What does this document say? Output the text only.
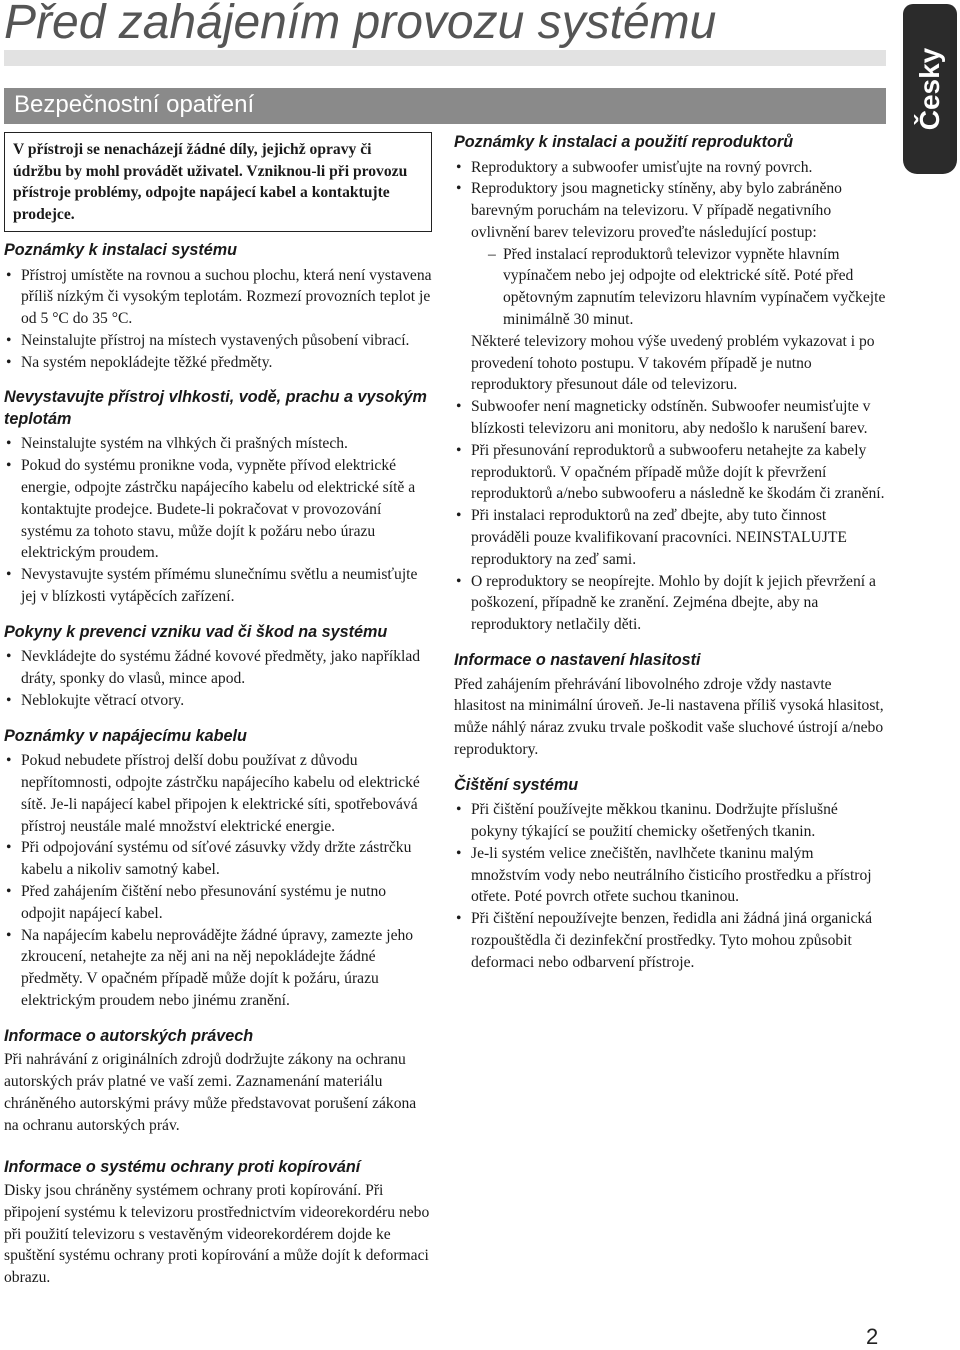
Před zahájením provozu systému
Česky
Bezpečnostní opatření
V přístroji se nenacházejí žádné díly, jejichž opravy či údržbu by mohl provádět uživatel. Vzniknou-li při provozu přístroje problémy, odpojte napájecí kabel a kontaktujte prodejce.
Poznámky k instalaci systému
• Přístroj umístěte na rovnou a suchou plochu, která není vystavena příliš nízkým či vysokým teplotám. Rozmezí provozních teplot je od 5 °C do 35 °C.
• Neinstalujte přístroj na místech vystavených působení vibrací.
• Na systém nepokládejte těžké předměty.
Nevystavujte přístroj vlhkosti, vodě, prachu a vysokým teplotám
• Neinstalujte systém na vlhkých či prašných místech.
• Pokud do systému pronikne voda, vypněte přívod elektrické energie, odpojte zástrčku napájecího kabelu od elektrické sítě a kontaktujte prodejce. Budete-li pokračovat v provozování systému za tohoto stavu, může dojít k požáru nebo úrazu elektrickým proudem.
• Nevystavujte systém přímému slunečnímu světlu a neumisťujte jej v blízkosti vytápěcích zařízení.
Pokyny k prevenci vzniku vad či škod na systému
• Nevkládejte do systému žádné kovové předměty, jako například dráty, sponky do vlasů, mince apod.
• Neblokujte větrací otvory.
Poznámky v napájecímu kabelu
• Pokud nebudete přístroj delší dobu používat z důvodu nepřítomnosti, odpojte zástrčku napájecího kabelu od elektrické sítě. Je-li napájecí kabel připojen k elektrické síti, spotřebovává přístroj neustále malé množství elektrické energie.
• Při odpojování systému od síťové zásuvky vždy držte zástrčku kabelu a nikoliv samotný kabel.
• Před zahájením čištění nebo přesunování systému je nutno odpojit napájecí kabel.
• Na napájecím kabelu neprovádějte žádné úpravy, zamezte jeho zkroucení, netahejte za něj ani na něj nepokládejte žádné předměty. V opačném případě může dojít k požáru, úrazu elektrickým proudem nebo jinému zranění.
Informace o autorských právech

Při nahrávání z originálních zdrojů dodržujte zákony na ochranu autorských práv platné ve vaší zemi. Zaznamenání materiálu chráněného autorskými právy může představovat porušení zákona na ochranu autorských práv.

Informace o systému ochrany proti kopírování

Disky jsou chráněny systémem ochrany proti kopírování. Při připojení systému k televizoru prostřednictvím videorekordéru nebo při použití televizoru s vestavěným videorekordérem dojde ke spuštění systému ochrany proti kopírování a může dojít k deformaci obrazu.

Poznámky k instalaci a použití reproduktorů
• Reproduktory a subwoofer umisťujte na rovný povrch.
• Reproduktory jsou magneticky stíněny, aby bylo zabráněno barevným poruchám na televizoru. V případě negativního ovlivnění barev televizoru proveďte následující postup:
– Před instalací reproduktorů televizor vypněte hlavním vypínačem nebo jej odpojte od elektrické sítě. Poté před opětovným zapnutím televizoru hlavním vypínačem vyčkejte minimálně 30 minut.
Některé televizory mohou výše uvedený problém vykazovat i po provedení tohoto postupu. V takovém případě je nutno reproduktory přesunout dále od televizoru.
• Subwoofer není magneticky odstíněn. Subwoofer neumisťujte v blízkosti televizoru ani monitoru, aby nedošlo k narušení barev.
• Při přesunování reproduktorů a subwooferu netahejte za kabely reproduktorů. V opačném případě může dojít k převržení reproduktorů a/nebo subwooferu a následně ke škodám či zranění.
• Při instalaci reproduktorů na zeď dbejte, aby tuto činnost prováděli pouze kvalifikovaní pracovníci. NEINSTALUJTE reproduktory na zeď sami.
• O reproduktory se neopírejte. Mohlo by dojít k jejich převržení a poškození, případně ke zranění. Zejména dbejte, aby na reproduktory netlačily děti.
Informace o nastavení hlasitosti

Před zahájením přehrávání libovolného zdroje vždy nastavte hlasitost na minimální úroveň. Je-li nastavena příliš vysoká hlasitost, může náhlý náraz zvuku trvale poškodit vaše sluchové ústrojí a/nebo reproduktory.

Čištění systému
• Při čištění používejte měkkou tkaninu. Dodržujte příslušné pokyny týkající se použití chemicky ošetřených tkanin.
• Je-li systém velice znečištěn, navlhčete tkaninu malým množstvím vody nebo neutrálního čisticího prostředku a přístroj otřete. Poté povrch otřete suchou tkaninou.
• Při čištění nepoužívejte benzen, ředidla ani žádná jiná organická rozpouštědla či dezinfekční prostředky. Tyto mohou způsobit deformaci nebo odbarvení přístroje.
2
